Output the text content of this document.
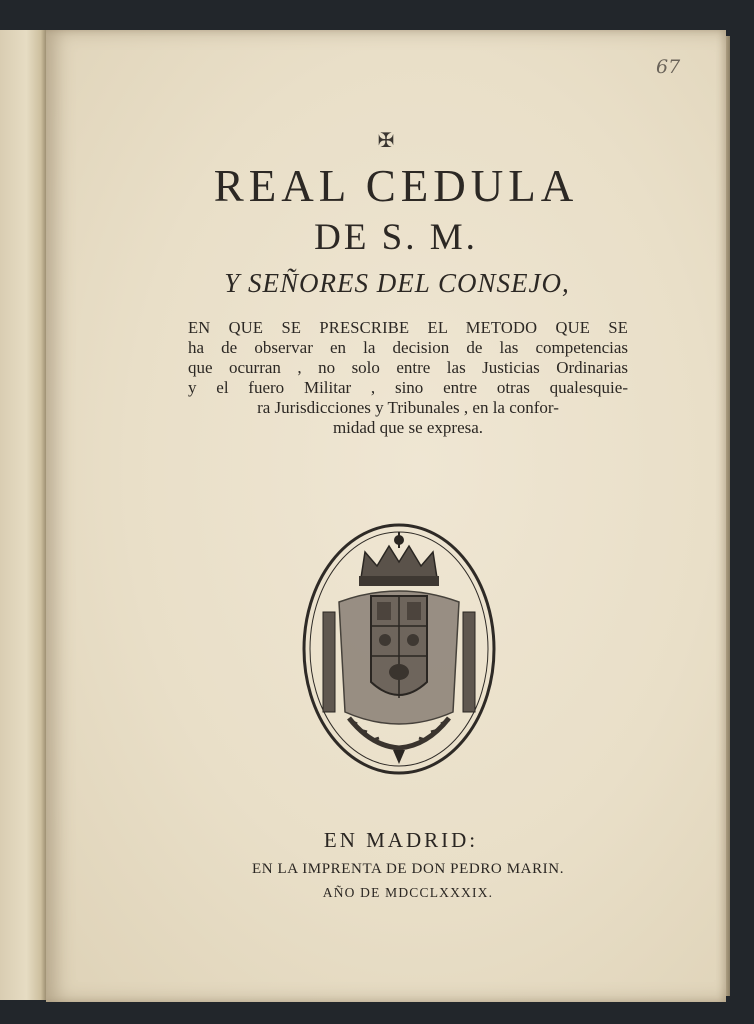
67
✠
REAL CEDULA
DE S. M.
Y SEÑORES DEL CONSEJO,
EN QUE SE PRESCRIBE EL METODO QUE SE
ha de observar en la decision de las competencias
que ocurran , no solo entre las Justicias Ordinarias
y el fuero Militar , sino entre otras qualesquie-
ra Jurisdicciones y Tribunales , en la confor-
midad que se expresa.
EN MADRID:
EN LA IMPRENTA DE DON PEDRO MARIN.
AÑO DE MDCCLXXXIX.
